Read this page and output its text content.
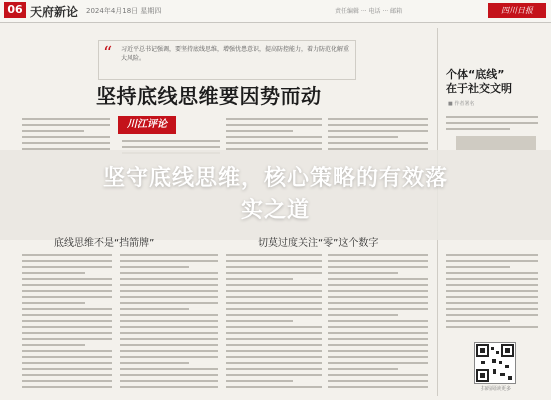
06 天府新论 2024年4月18日 星期四	责任编辑 ··· 电话 ··· 邮箱	四川日报
“ 习近平总书记强调，要坚持底线思维，增强忧患意识，提高防控能力，着力防范化解重大风险。
坚持底线思维要因势而动
川江评论
个体“底线”
在于社交文明
■ 作者署名
坚守底线思维，核心策略的有效落
实之道
底线思维不是“挡箭牌”	切莫过度关注“零”这个数字
扫码阅读更多
